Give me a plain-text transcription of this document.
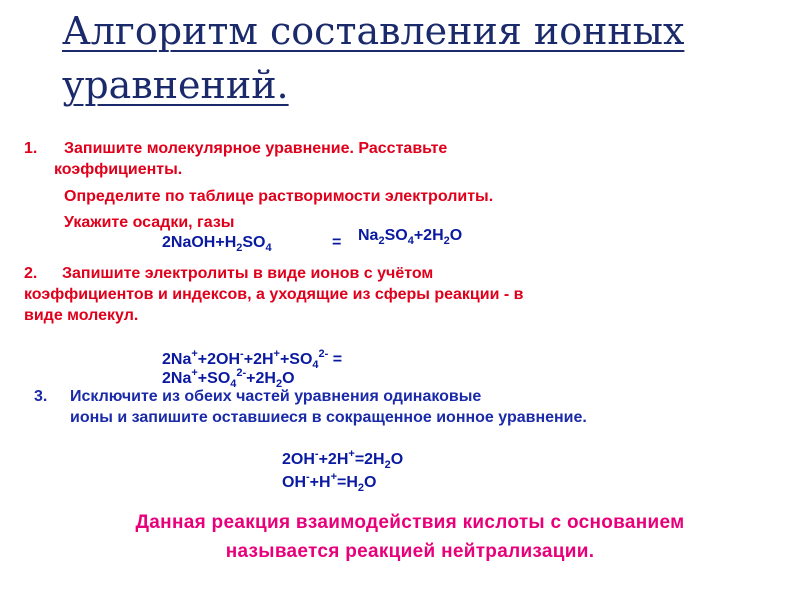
Алгоритм составления ионных уравнений.
1. Запишите молекулярное уравнение. Расставьте
коэффициенты.
Определите по таблице растворимости электролиты.
Укажите осадки, газы
$2NaOH+H_2SO_4$	= $Na_2SO_4+2H_2O$
2. Запишите электролиты в виде ионов с учётом
коэффициентов и индексов, а уходящие из сферы реакции - в
виде молекул.
$2Na^++2OH^-+2H^++SO_4^{2-}$ =
$2Na^++SO_4^{2-}+2H_2O$
3. Исключите из обеих частей уравнения одинаковые
ионы и запишите оставшиеся в сокращенное ионное уравнение.
$2OH^-+2H^+=2H_2O$
$OH^-+H^+=H_2O$
Данная реакция взаимодействия кислоты с основанием
называется реакцией нейтрализации.
